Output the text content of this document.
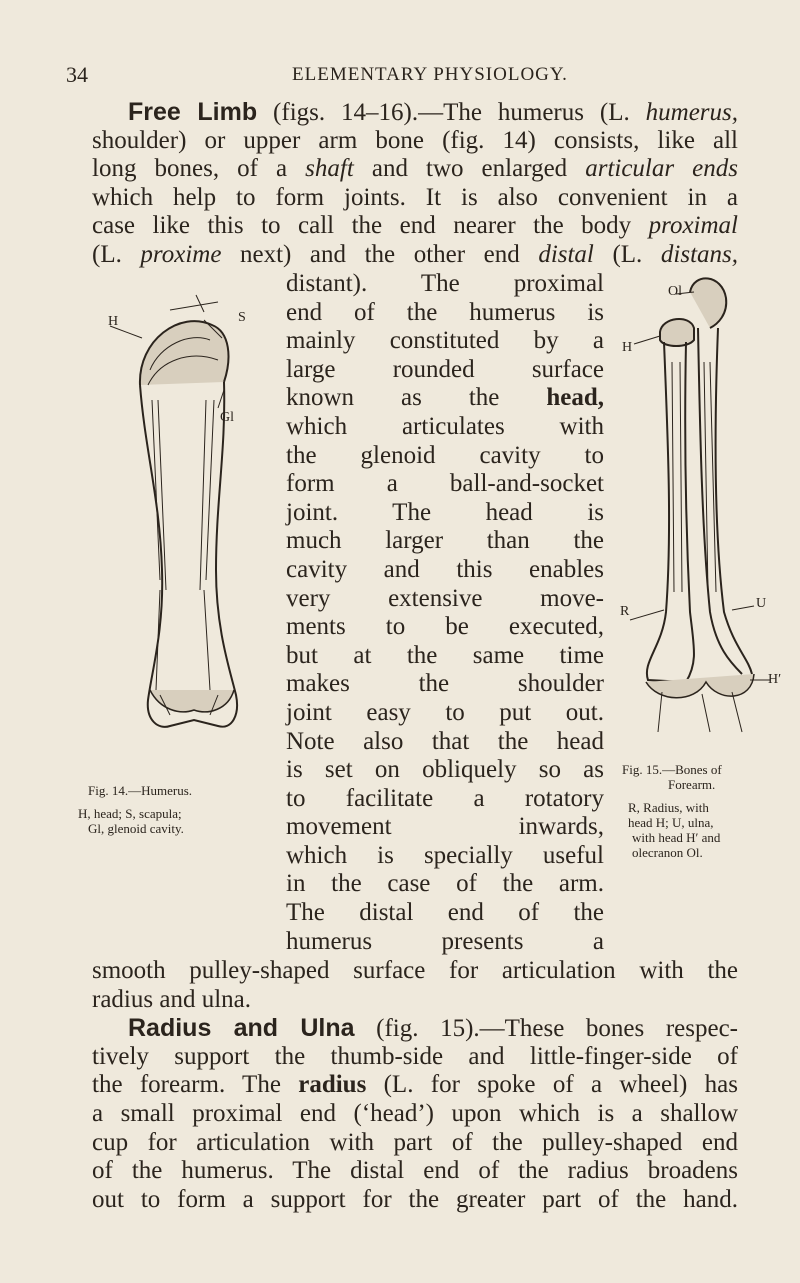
34	ELEMENTARY PHYSIOLOGY.
Free Limb (figs. 14–16).—The humerus (L. humerus,
shoulder) or upper arm bone (fig. 14) consists, like all
long bones, of a shaft and two enlarged articular ends
which help to form joints. It is also convenient in a
case like this to call the end nearer the body proximal
(L. proxime next) and the other end distal (L. distans,
distant). The proximal
end of the humerus is
mainly constituted by a
large rounded surface
known as the head,
which articulates with
the glenoid cavity to
form a ball-and-socket
joint. The head is
much larger than the
cavity and this enables
very extensive move-
ments to be executed,
but at the same time
makes the shoulder
joint easy to put out.
Note also that the head
is set on obliquely so as
to facilitate a rotatory
movement inwards,
which is specially useful
in the case of the arm.
The distal end of the
humerus presents a
smooth pulley-shaped surface for articulation with the
radius and ulna.
Radius and Ulna (fig. 15).—These bones respec-
tively support the thumb-side and little-finger-side of
the forearm. The radius (L. for spoke of a wheel) has
a small proximal end (‘head’) upon which is a shallow
cup for articulation with part of the pulley-shaped end
of the humerus. The distal end of the radius broadens
out to form a support for the greater part of the hand.
H	S
Gl
Fig. 14.—Humerus.
H, head; S, scapula;
Gl, glenoid cavity.
Ol
H
R
U
H′
Fig. 15.—Bones of
Forearm.
R, Radius, with
head H; U, ulna,
with head H′ and
olecranon Ol.
